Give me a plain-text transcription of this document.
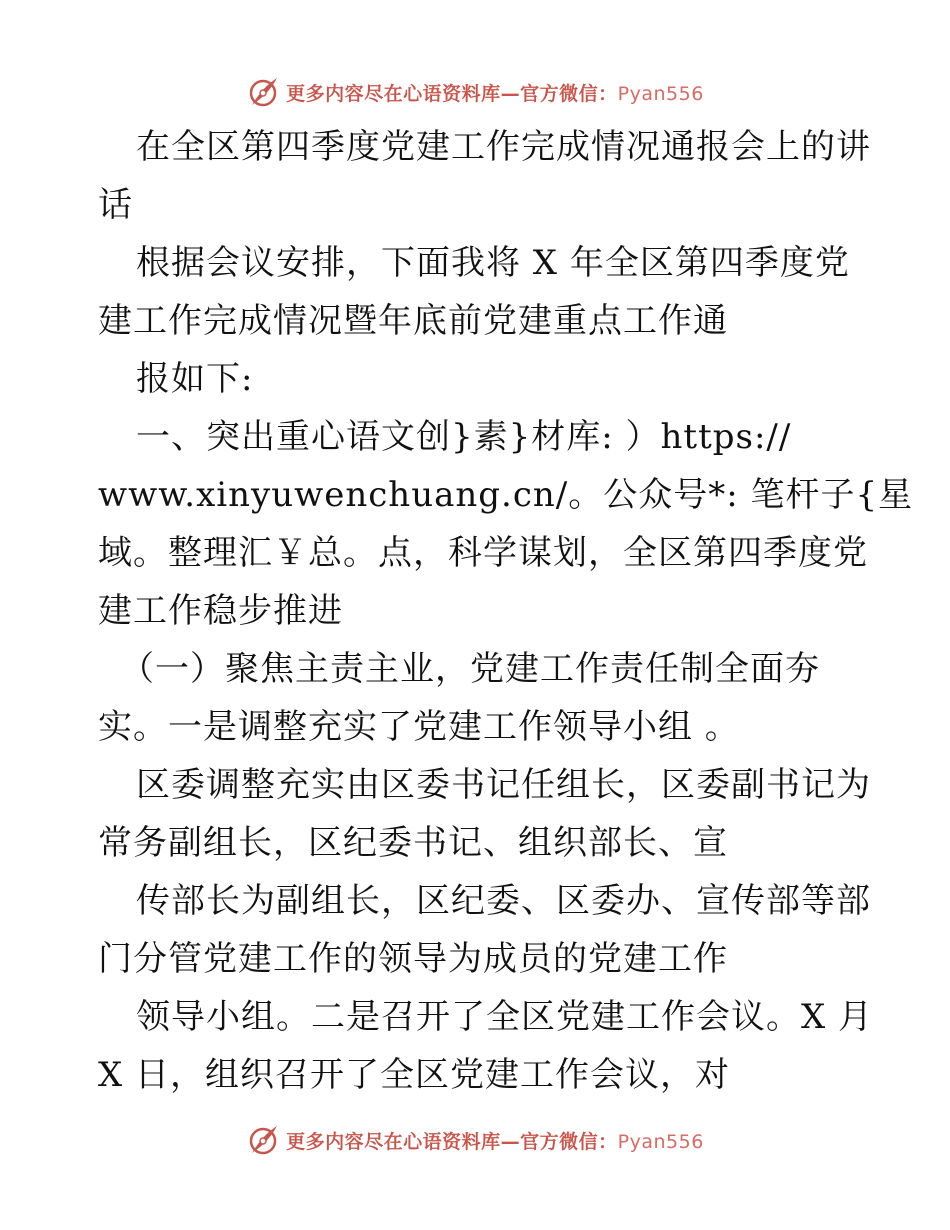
更多内容尽在心语资料库—官方微信：Pyan556
在全区第四季度党建工作完成情况通报会上的讲
话
根据会议安排，下面我将 X 年全区第四季度党
建工作完成情况暨年底前党建重点工作通
报如下:
一、突出重心语文创}素}材库: ）https://
www.xinyuwenchuang.cn/。公众号*: 笔杆子{星
域。整理汇￥总。点，科学谋划，全区第四季度党
建工作稳步推进
（一）聚焦主责主业，党建工作责任制全面夯
实。一是调整充实了党建工作领导小组 。
区委调整充实由区委书记任组长，区委副书记为
常务副组长，区纪委书记、组织部长、宣
传部长为副组长，区纪委、区委办、宣传部等部
门分管党建工作的领导为成员的党建工作
领导小组。二是召开了全区党建工作会议。X 月
X 日，组织召开了全区党建工作会议，对
更多内容尽在心语资料库—官方微信：Pyan556
